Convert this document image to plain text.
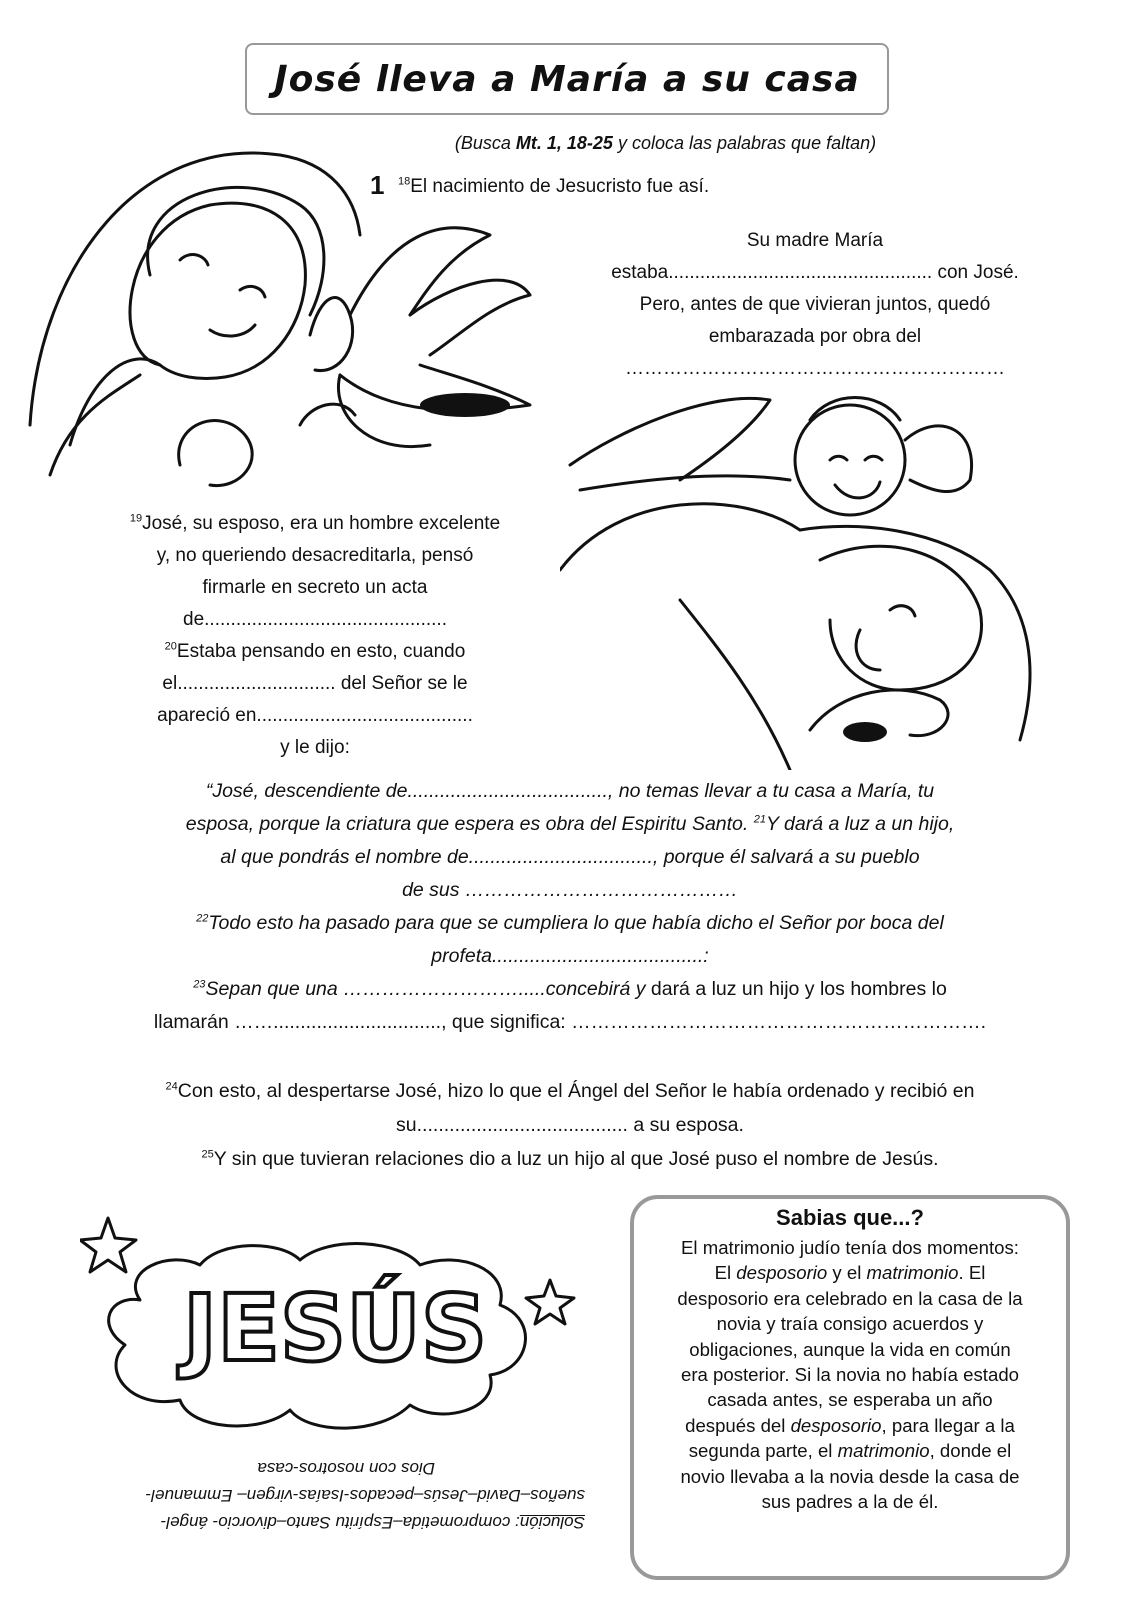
José lleva a María a su casa
(Busca Mt. 1, 18-25 y coloca las palabras que faltan)
1 $^{18}$El nacimiento de Jesucristo fue así.
Su madre María
estaba.................................................. con José.
Pero, antes de que vivieran juntos, quedó
embarazada por obra del
……………………………………………………
$^{19}$José, su esposo, era un hombre excelente
y, no queriendo desacreditarla, pensó
firmarle en secreto un acta
de..............................................
$^{20}$Estaba pensando en esto, cuando
el.............................. del Señor se le
apareció en.........................................
y le dijo:
“José, descendiente de....................................., no temas llevar a tu casa a María, tu
esposa, porque la criatura que espera es obra del Espiritu Santo. $^{21}$Y dará a luz a un hijo,
al que pondrás el nombre de.................................., porque él salvará a su pueblo
de sus ……………………………………
$^{22}$Todo esto ha pasado para que se cumpliera lo que había dicho el Señor por boca del
profeta.......................................:
$^{23}$Sepan que una ……………………….....concebirá y dará a luz un hijo y los hombres lo
llamarán ……..............................., que significa: ……………………………………………………….
$^{24}$Con esto, al despertarse José, hizo lo que el Ángel del Señor le había ordenado y recibió en
su....................................... a su esposa.
$^{25}$Y sin que tuvieran relaciones dio a luz un hijo al que José puso el nombre de Jesús.
JESÚS
Solución: comprometida–Espíritu Santo–divorcio- ángel-
sueños–David–Jesús–pecados-Isaías-virgen– Emmanuel-
Dios con nosotros-casa
Sabias que...?

El matrimonio judío tenía dos momentos:
El desposorio y el matrimonio. El
desposorio era celebrado en la casa de la
novia y traía consigo acuerdos y
obligaciones, aunque la vida en común
era posterior. Si la novia no había estado
casada antes, se esperaba un año
después del desposorio, para llegar a la
segunda parte, el matrimonio, donde el
novio llevaba a la novia desde la casa de
sus padres a la de él.
